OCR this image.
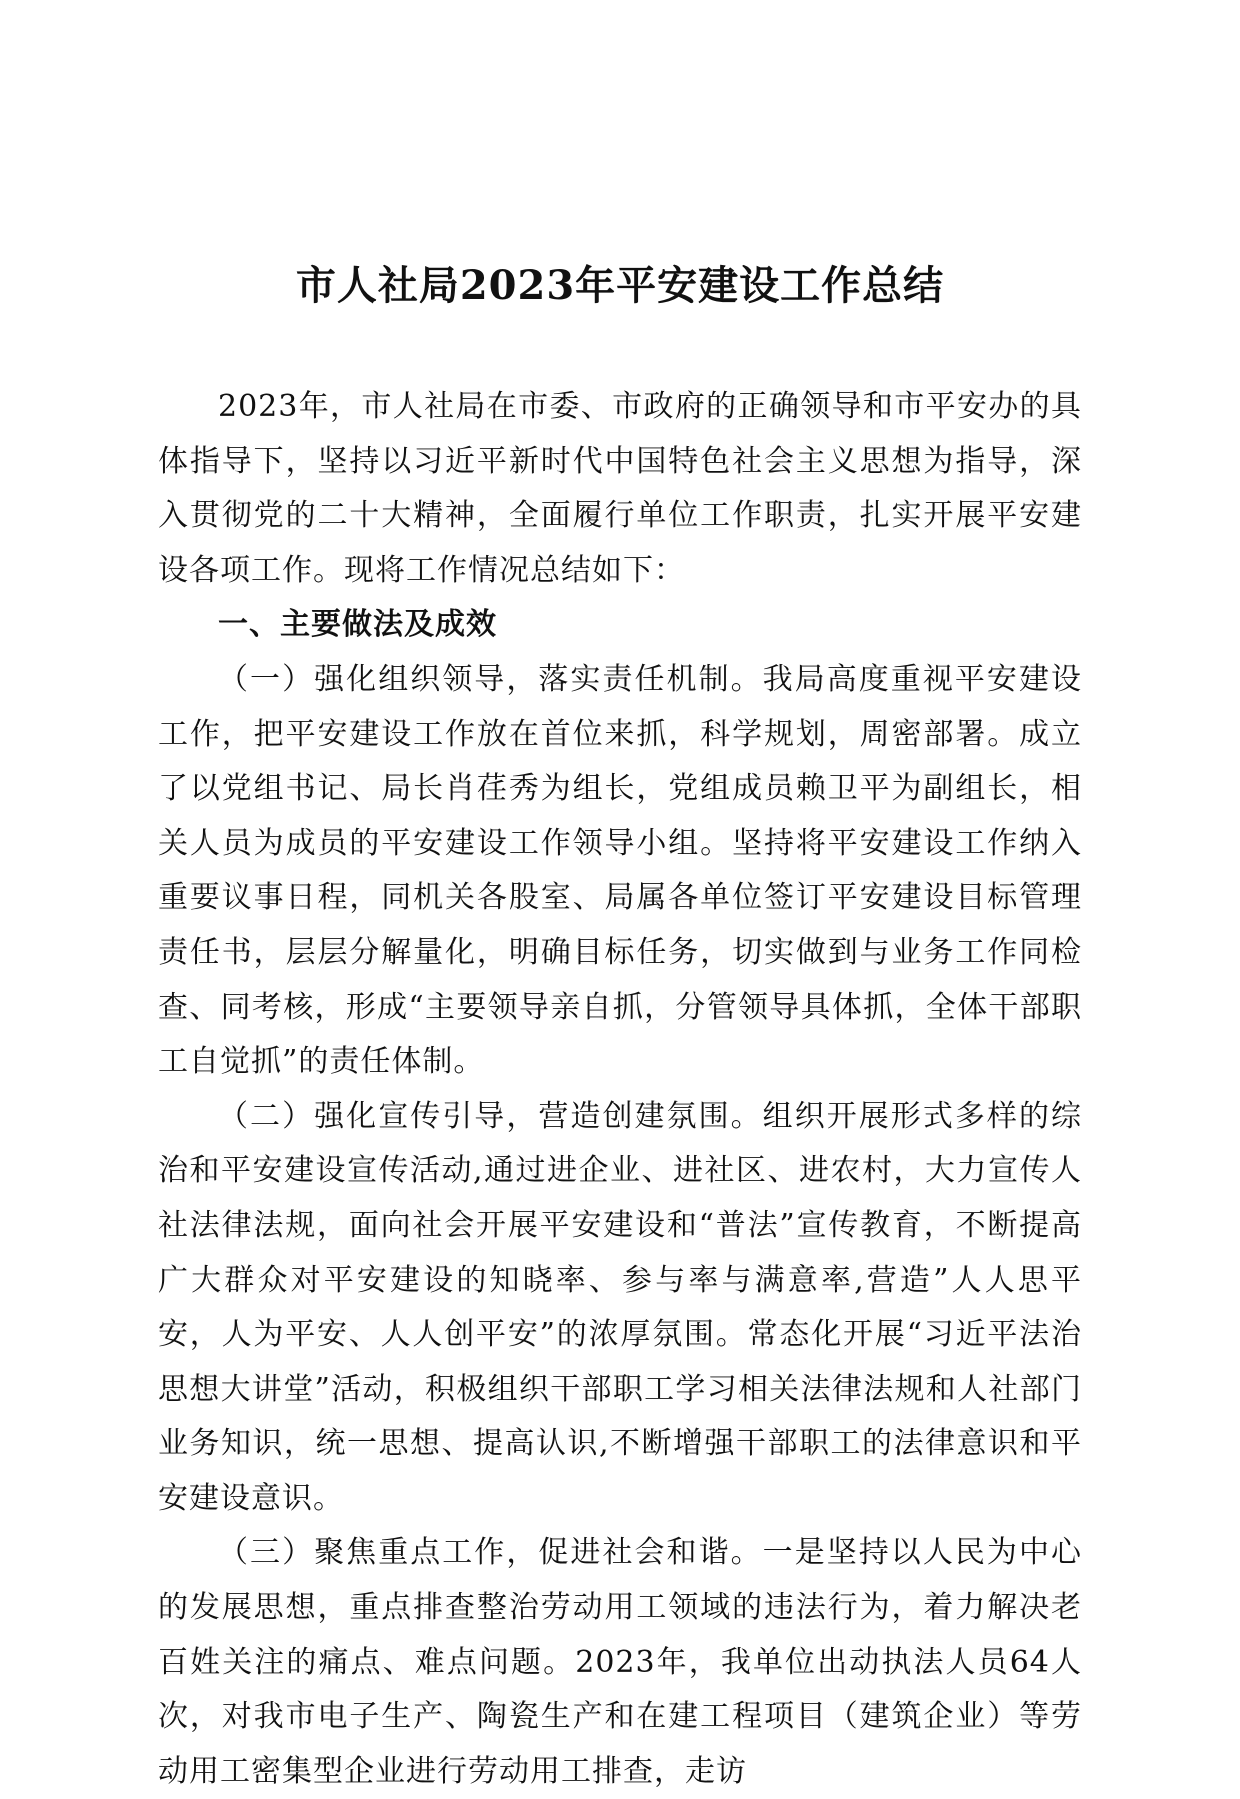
市人社局2023年平安建设工作总结

2023年，市人社局在市委、市政府的正确领导和市平安办的具体指导下，坚持以习近平新时代中国特色社会主义思想为指导，深入贯彻党的二十大精神，全面履行单位工作职责，扎实开展平安建设各项工作。现将工作情况总结如下：

一、主要做法及成效

（一）强化组织领导，落实责任机制。我局高度重视平安建设工作，把平安建设工作放在首位来抓，科学规划，周密部署。成立了以党组书记、局长肖荏秀为组长，党组成员赖卫平为副组长，相关人员为成员的平安建设工作领导小组。坚持将平安建设工作纳入重要议事日程，同机关各股室、局属各单位签订平安建设目标管理责任书，层层分解量化，明确目标任务，切实做到与业务工作同检查、同考核，形成“主要领导亲自抓，分管领导具体抓，全体干部职工自觉抓”的责任体制。

（二）强化宣传引导，营造创建氛围。组织开展形式多样的综治和平安建设宣传活动,通过进企业、进社区、进农村，大力宣传人社法律法规，面向社会开展平安建设和“普法”宣传教育，不断提高广大群众对平安建设的知晓率、参与率与满意率,营造”人人思平安，人为平安、人人创平安”的浓厚氛围。常态化开展“习近平法治思想大讲堂”活动，积极组织干部职工学习相关法律法规和人社部门业务知识，统一思想、提高认识,不断增强干部职工的法律意识和平安建设意识。

（三）聚焦重点工作，促进社会和谐。一是坚持以人民为中心的发展思想，重点排查整治劳动用工领域的违法行为，着力解决老百姓关注的痛点、难点问题。2023年，我单位出动执法人员64人次，对我市电子生产、陶瓷生产和在建工程项目（建筑企业）等劳动用工密集型企业进行劳动用工排查，走访
